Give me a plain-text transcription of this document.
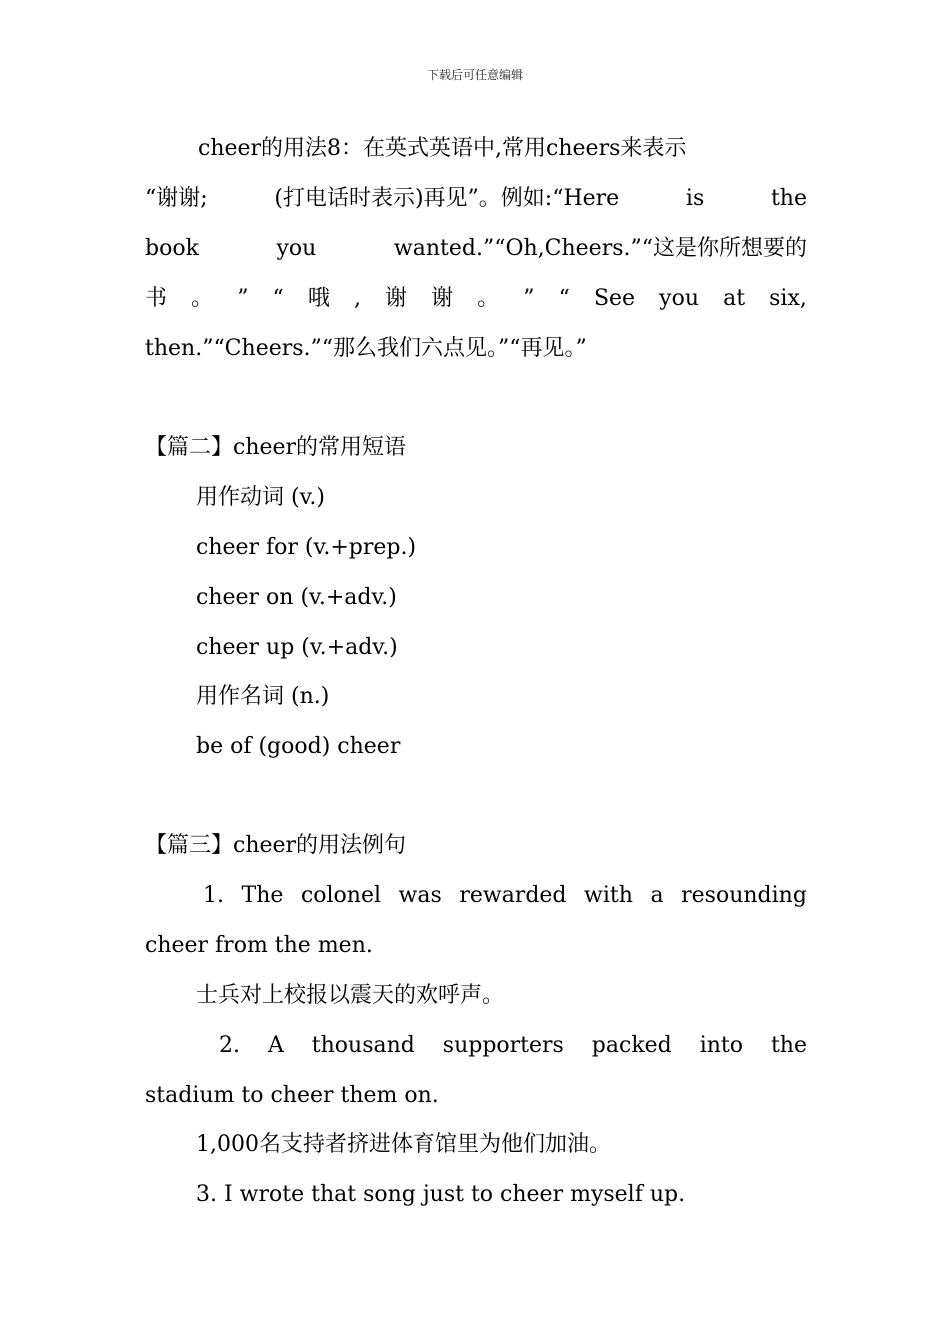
下载后可任意编辑
cheer的用法8：在英式英语中,常用cheers来表示
“谢谢;	(打电话时表示)再见”。例如:“Here	is	the
book	you	wanted.”“Oh,Cheers.”“这是你所想要的
书 。 ” “ 哦 , 谢 谢 。 ” “ See you at six,
then.”“Cheers.”“那么我们六点见。”“再见。”
【篇二】cheer的常用短语
用作动词 (v.)
cheer for (v.+prep.)
cheer on (v.+adv.)
cheer up (v.+adv.)
用作名词 (n.)
be of (good) cheer
【篇三】cheer的用法例句
1. The colonel was rewarded with a resounding
cheer from the men.
士兵对上校报以震天的欢呼声。
2. A thousand supporters packed into the
stadium to cheer them on.
1,000名支持者挤进体育馆里为他们加油。
3. I wrote that song just to cheer myself up.
